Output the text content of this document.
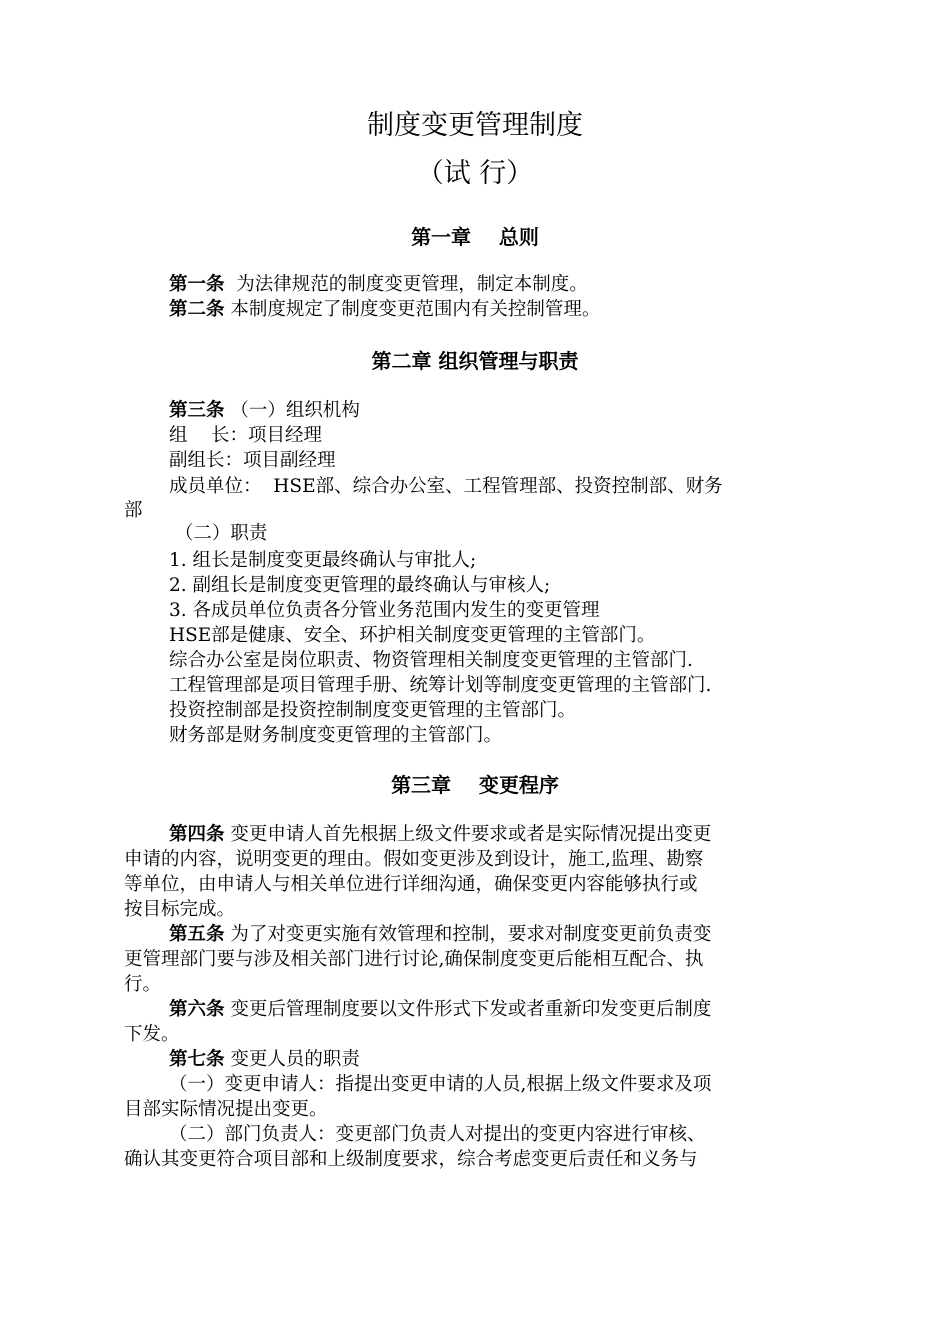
制度变更管理制度
（试 行）
第一章    总则

第一条  为法律规范的制度变更管理，制定本制度。

第二条 本制度规定了制度变更范围内有关控制管理。

第二章 组织管理与职责

第三条 （一）组织机构

组    长：项目经理

副组长：项目副经理

成员单位：  HSE部、综合办公室、工程管理部、投资控制部、财务

部

（二）职责

1. 组长是制度变更最终确认与审批人;

2. 副组长是制度变更管理的最终确认与审核人;

3. 各成员单位负责各分管业务范围内发生的变更管理

HSE部是健康、安全、环护相关制度变更管理的主管部门。

综合办公室是岗位职责、物资管理相关制度变更管理的主管部门.

工程管理部是项目管理手册、统筹计划等制度变更管理的主管部门.

投资控制部是投资控制制度变更管理的主管部门。

财务部是财务制度变更管理的主管部门。

第三章    变更程序

第四条 变更申请人首先根据上级文件要求或者是实际情况提出变更

申请的内容，说明变更的理由。假如变更涉及到设计，施工,监理、勘察

等单位，由申请人与相关单位进行详细沟通，确保变更内容能够执行或

按目标完成。

第五条 为了对变更实施有效管理和控制，要求对制度变更前负责变

更管理部门要与涉及相关部门进行讨论,确保制度变更后能相互配合、执

行。

第六条 变更后管理制度要以文件形式下发或者重新印发变更后制度

下发。

第七条 变更人员的职责

（一）变更申请人：指提出变更申请的人员,根据上级文件要求及项

目部实际情况提出变更。

（二）部门负责人：变更部门负责人对提出的变更内容进行审核、

确认其变更符合项目部和上级制度要求，综合考虑变更后责任和义务与
